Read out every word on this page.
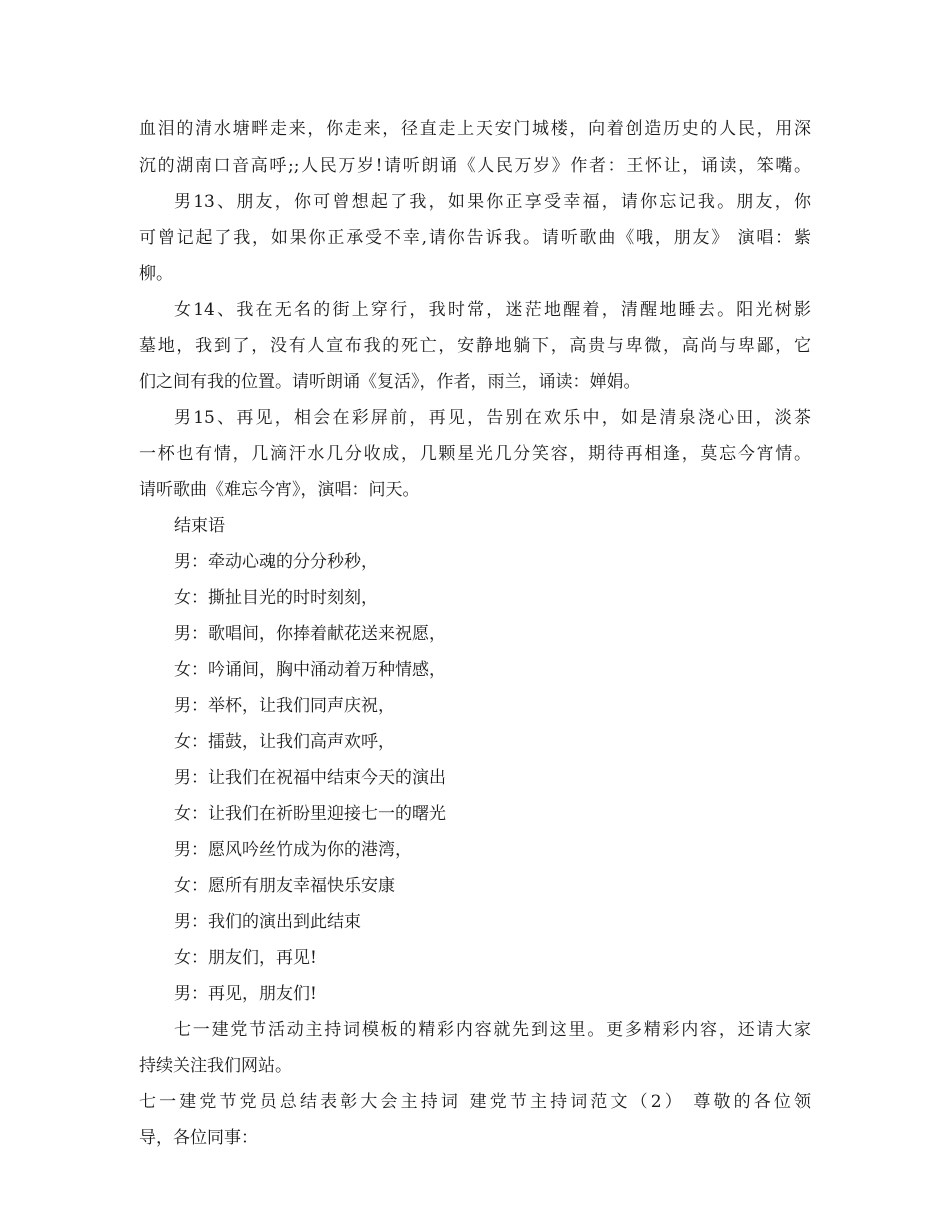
血泪的清水塘畔走来，你走来，径直走上天安门城楼，向着创造历史的人民，用深
沉的湖南口音高呼;;人民万岁!请听朗诵《人民万岁》作者：王怀让，诵读，笨嘴。
男13、朋友，你可曾想起了我，如果你正享受幸福，请你忘记我。朋友，你
可曾记起了我，如果你正承受不幸,请你告诉我。请听歌曲《哦，朋友》 演唱：紫
柳。
女14、我在无名的街上穿行，我时常，迷茫地醒着，清醒地睡去。阳光树影
墓地，我到了，没有人宣布我的死亡，安静地躺下，高贵与卑微，高尚与卑鄙，它
们之间有我的位置。请听朗诵《复活》，作者，雨兰，诵读：婵娟。
男15、再见，相会在彩屏前，再见，告别在欢乐中，如是清泉浇心田，淡茶
一杯也有情，几滴汗水几分收成，几颗星光几分笑容，期待再相逢，莫忘今宵情。
请听歌曲《难忘今宵》，演唱：问天。
结束语
男：牵动心魂的分分秒秒，
女：撕扯目光的时时刻刻，
男：歌唱间，你捧着献花送来祝愿，
女：吟诵间，胸中涌动着万种情感，
男：举杯，让我们同声庆祝，
女：擂鼓，让我们高声欢呼，
男：让我们在祝福中结束今天的演出
女：让我们在祈盼里迎接七一的曙光
男：愿风吟丝竹成为你的港湾，
女：愿所有朋友幸福快乐安康
男：我们的演出到此结束
女：朋友们，再见!
男：再见，朋友们!
七一建党节活动主持词模板的精彩内容就先到这里。更多精彩内容，还请大家
持续关注我们网站。
七一建党节党员总结表彰大会主持词 建党节主持词范文（2） 尊敬的各位领
导，各位同事：
